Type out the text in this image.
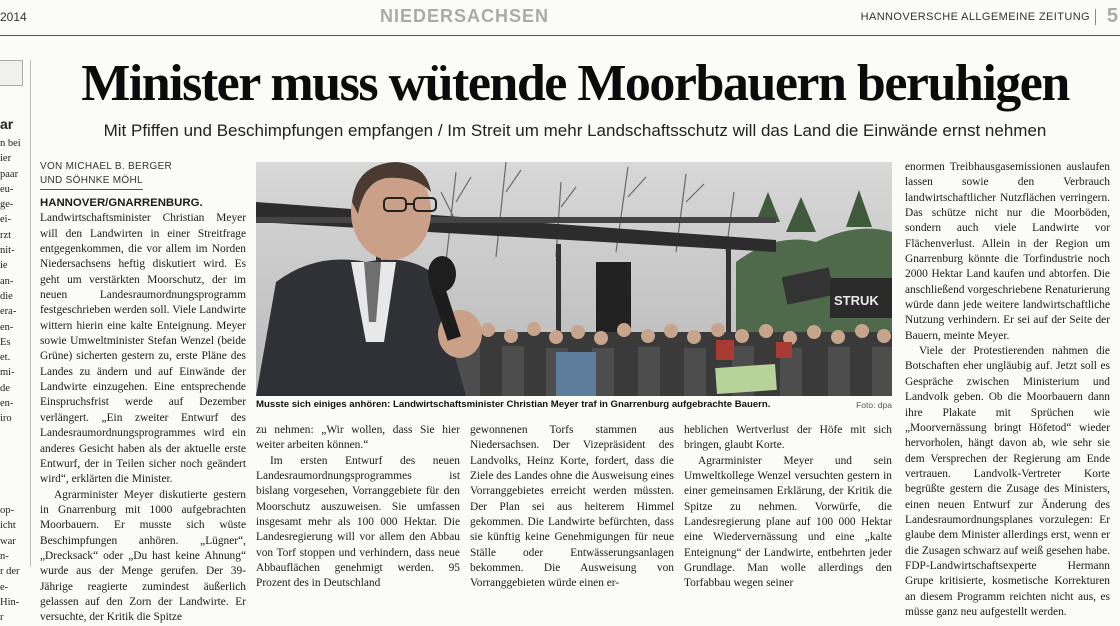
2014	NIEDERSACHSEN	HANNOVERSCHE ALLGEMEINE ZEITUNG 5
ar
n bei
ier
paar
eu-
ge-
ei-
rzt
nit-
ie
an-
die
era-
en-
Es
et.
mi-
de
en-
iro

op-
icht
war
n-
r der
e-
Hin-
r
Minister muss wütende Moorbauern beruhigen
Mit Pfiffen und Beschimpfungen empfangen / Im Streit um mehr Landschaftsschutz will das Land die Einwände ernst nehmen
VON MICHAEL B. BERGER
UND SÖHNKE MÖHL

HANNOVER/GNARRENBURG. Landwirtschaftsminister Christian Meyer will den Landwirten in einer Streitfrage entgegenkommen, die vor allem im Norden Niedersachsens heftig diskutiert wird. Es geht um verstärkten Moorschutz, der im neuen Landesraumordnungsprogramm festgeschrieben werden soll. Viele Landwirte wittern hierin eine kalte Enteignung. Meyer sowie Umweltminister Stefan Wenzel (beide Grüne) sicherten gestern zu, erste Pläne des Landes zu ändern und auf Einwände der Landwirte einzugehen. Eine entsprechende Einspruchsfrist werde auf Dezember verlängert. „Ein zweiter Entwurf des Landesraumordnungsprogrammes wird ein anderes Gesicht haben als der aktuelle erste Entwurf, der in Teilen sicher noch geändert wird“, erklärten die Minister.

Agrarminister Meyer diskutierte gestern in Gnarrenburg mit 1000 aufgebrachten Moorbauern. Er musste sich wüste Beschimpfungen anhören. „Lügner“, „Drecksack“ oder „Du hast keine Ahnung“ wurde aus der Menge gerufen. Der 39-Jährige reagierte zumindest äußerlich gelassen auf den Zorn der Landwirte. Er versuchte, der Kritik die Spitze

STRUK
Musste sich einiges anhören: Landwirtschaftsminister Christian Meyer traf in Gnarrenburg aufgebrachte Bauern.	Foto: dpa

zu nehmen: „Wir wollen, dass Sie hier weiter arbeiten können.“

Im ersten Entwurf des neuen Landesraumordnungsprogrammes ist bislang vorgesehen, Vorranggebiete für den Moorschutz auszuweisen. Sie umfassen insgesamt mehr als 100 000 Hektar. Die Landesregierung will vor allem den Abbau von Torf stoppen und verhindern, dass neue Abbauflächen genehmigt werden. 95 Prozent des in Deutschland

gewonnenen Torfs stammen aus Niedersachsen. Der Vizepräsident des Landvolks, Heinz Korte, fordert, dass die Ziele des Landes ohne die Ausweisung eines Vorranggebietes erreicht werden müssten. Der Plan sei aus heiterem Himmel gekommen. Die Landwirte befürchten, dass sie künftig keine Genehmigungen für neue Ställe oder Entwässerungsanlagen bekommen. Die Ausweisung von Vorranggebieten würde einen er-

heblichen Wertverlust der Höfe mit sich bringen, glaubt Korte.

Agrarminister Meyer und sein Umweltkollege Wenzel versuchten gestern in einer gemeinsamen Erklärung, der Kritik die Spitze zu nehmen. Vorwürfe, die Landesregierung plane auf 100 000 Hektar eine Wiedervernässung und eine „kalte Enteignung“ der Landwirte, entbehrten jeder Grundlage. Man wolle allerdings den Torfabbau wegen seiner

enormen Treibhausgasemissionen auslaufen lassen sowie den Verbrauch landwirtschaftlicher Nutzflächen verringern. Das schütze nicht nur die Moorböden, sondern auch viele Landwirte vor Flächenverlust. Allein in der Region um Gnarrenburg könnte die Torfindustrie noch 2000 Hektar Land kaufen und abtorfen. Die anschließend vorgeschriebene Renaturierung würde dann jede weitere landwirtschaftliche Nutzung verhindern. Er sei auf der Seite der Bauern, meinte Meyer.

Viele der Protestierenden nahmen die Botschaften eher ungläubig auf. Jetzt soll es Gespräche zwischen Ministerium und Landvolk geben. Ob die Moorbauern dann ihre Plakate mit Sprüchen wie „Moorvernässung bringt Höfetod“ wieder hervorholen, hängt davon ab, wie sehr sie dem Versprechen der Regierung am Ende vertrauen. Landvolk-Vertreter Korte begrüßte gestern die Zusage des Ministers, einen neuen Entwurf zur Änderung des Landesraumordnungsplanes vorzulegen: Er glaube dem Minister allerdings erst, wenn er die Zusagen schwarz auf weiß gesehen habe. FDP-Landwirtschaftsexperte Hermann Grupe kritisierte, kosmetische Korrekturen an diesem Programm reichten nicht aus, es müsse ganz neu aufgestellt werden.
